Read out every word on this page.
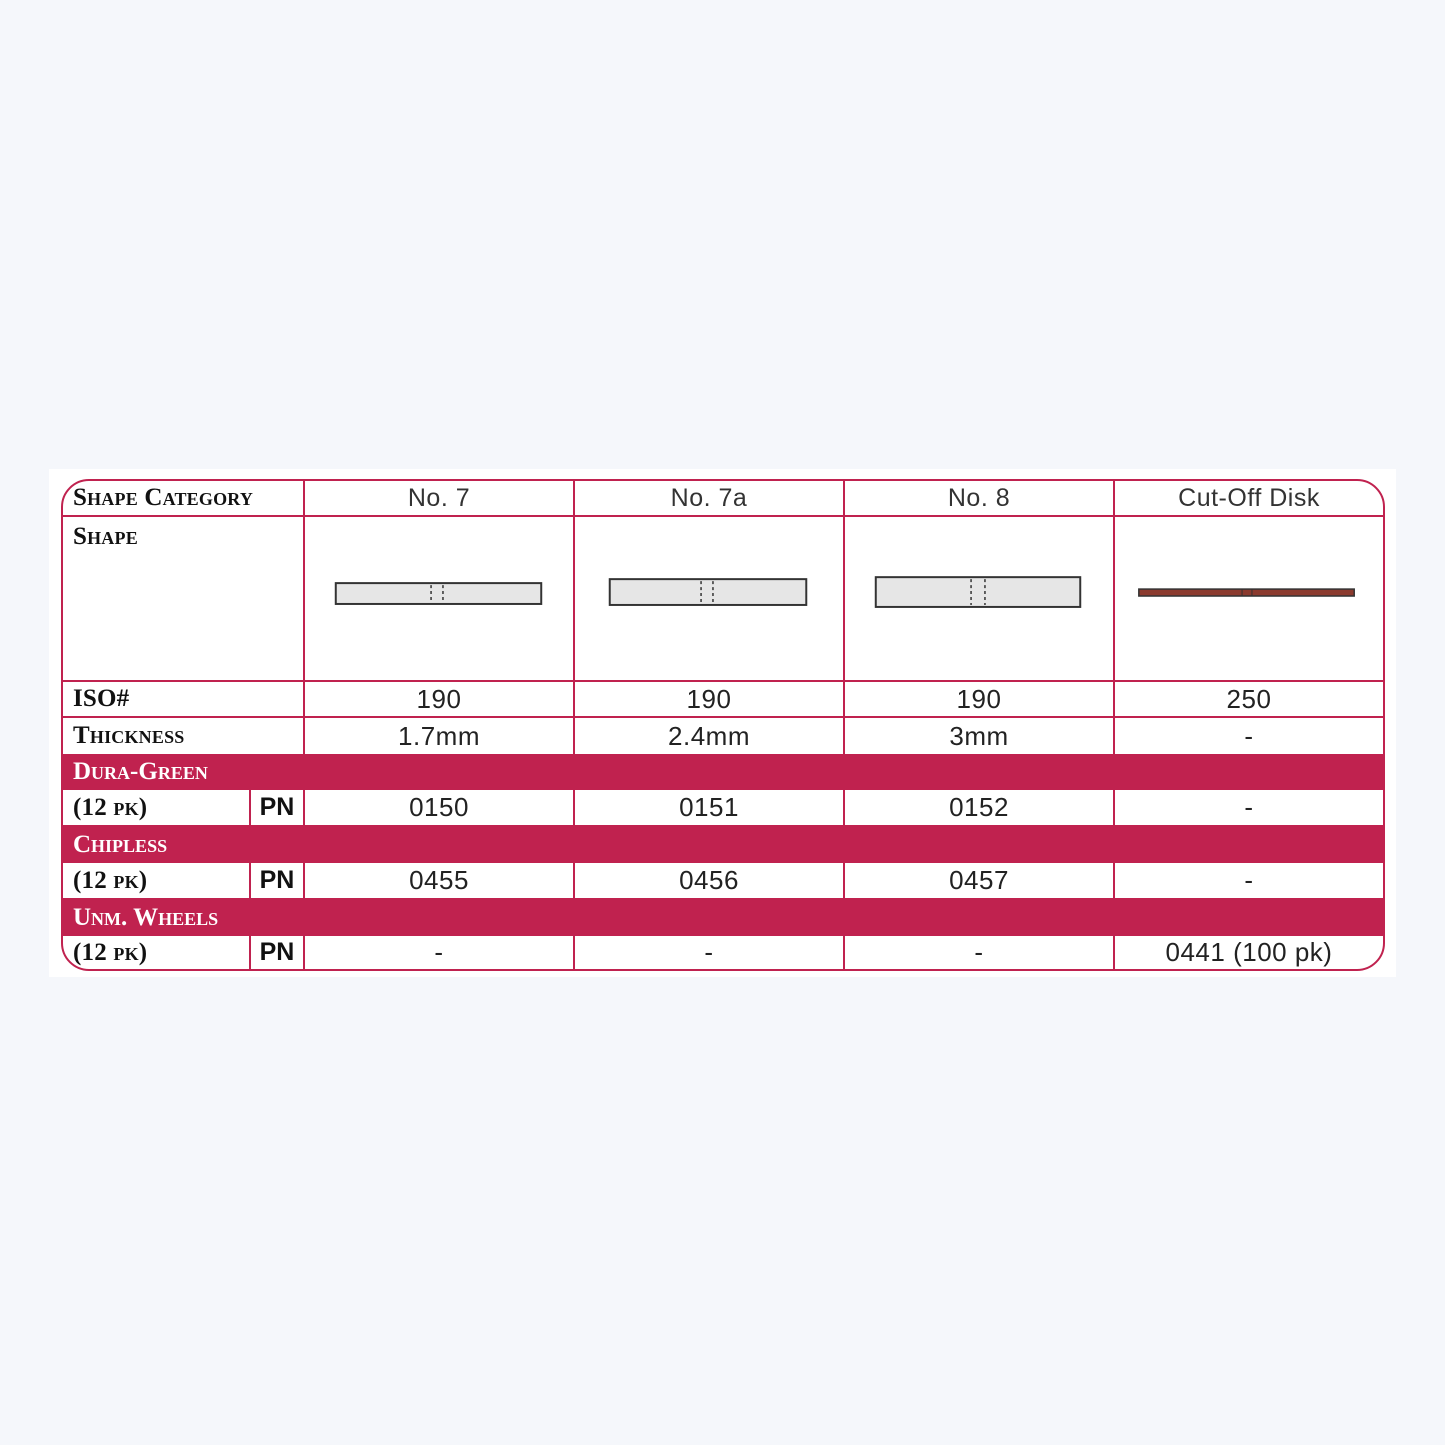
Shape Category	No. 7	No. 7a	No. 8	Cut-Off Disk
Shape
ISO#	190	190	190	250
Thickness	1.7mm	2.4mm	3mm	-
Dura-Green
(12 pk)	PN	0150	0151	0152	-
Chipless
(12 pk)	PN	0455	0456	0457	-
Unm. Wheels
(12 pk)	PN	-	-	-	0441 (100 pk)
